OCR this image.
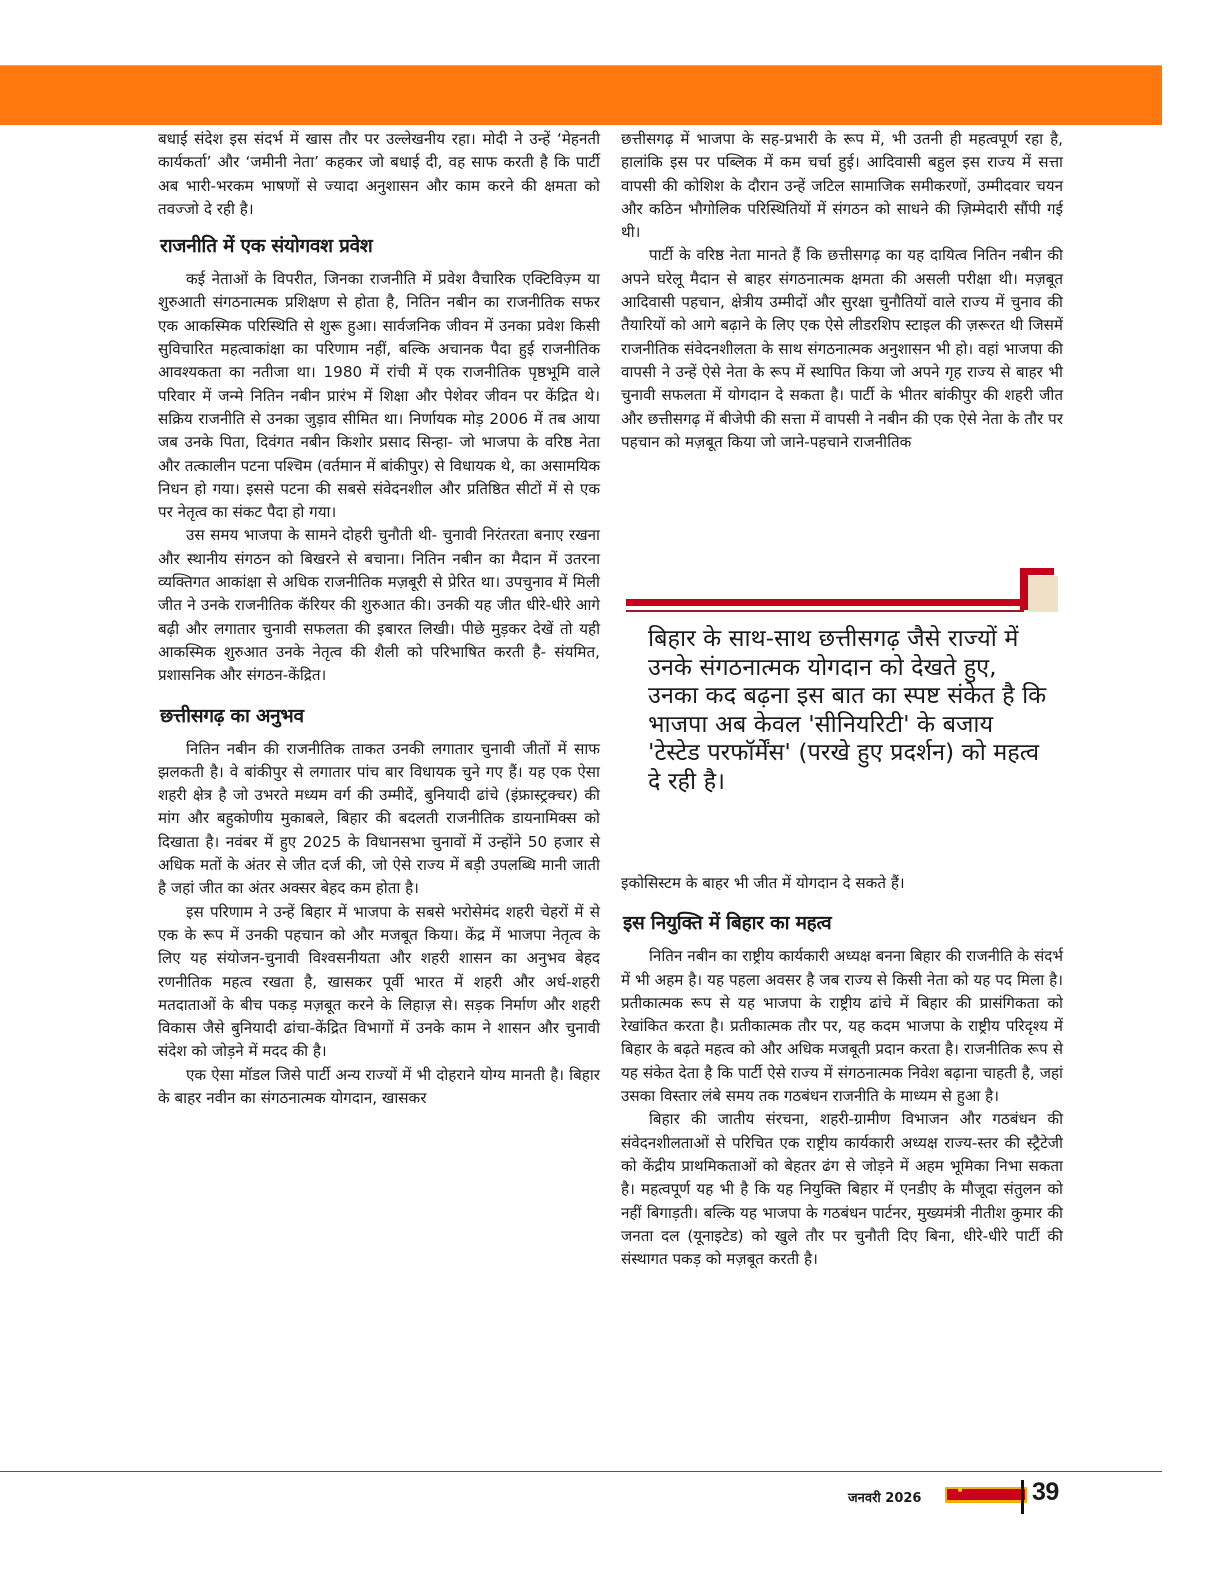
बधाई संदेश इस संदर्भ में खास तौर पर उल्लेखनीय रहा। मोदी ने उन्हें ‘मेहनती कार्यकर्ता’ और ‘जमीनी नेता’ कहकर जो बधाई दी, वह साफ करती है कि पार्टी अब भारी-भरकम भाषणों से ज्यादा अनुशासन और काम करने की क्षमता को तवज्जो दे रही है।

राजनीति में एक संयोगवश प्रवेश

कई नेताओं के विपरीत, जिनका राजनीति में प्रवेश वैचारिक एक्टिविज़्म या शुरुआती संगठनात्मक प्रशिक्षण से होता है, नितिन नबीन का राजनीतिक सफर एक आकस्मिक परिस्थिति से शुरू हुआ। सार्वजनिक जीवन में उनका प्रवेश किसी सुविचारित महत्वाकांक्षा का परिणाम नहीं, बल्कि अचानक पैदा हुई राजनीतिक आवश्यकता का नतीजा था। 1980 में रांची में एक राजनीतिक पृष्ठभूमि वाले परिवार में जन्मे नितिन नबीन प्रारंभ में शिक्षा और पेशेवर जीवन पर केंद्रित थे। सक्रिय राजनीति से उनका जुड़ाव सीमित था। निर्णायक मोड़ 2006 में तब आया जब उनके पिता, दिवंगत नबीन किशोर प्रसाद सिन्हा- जो भाजपा के वरिष्ठ नेता और तत्कालीन पटना पश्चिम (वर्तमान में बांकीपुर) से विधायक थे, का असामयिक निधन हो गया। इससे पटना की सबसे संवेदनशील और प्रतिष्ठित सीटों में से एक पर नेतृत्व का संकट पैदा हो गया।

उस समय भाजपा के सामने दोहरी चुनौती थी- चुनावी निरंतरता बनाए रखना और स्थानीय संगठन को बिखरने से बचाना। नितिन नबीन का मैदान में उतरना व्यक्तिगत आकांक्षा से अधिक राजनीतिक मज़बूरी से प्रेरित था। उपचुनाव में मिली जीत ने उनके राजनीतिक कॅरियर की शुरुआत की। उनकी यह जीत धीरे-धीरे आगे बढ़ी और लगातार चुनावी सफलता की इबारत लिखी। पीछे मुड़कर देखें तो यही आकस्मिक शुरुआत उनके नेतृत्व की शैली को परिभाषित करती है- संयमित, प्रशासनिक और संगठन-केंद्रित।

छत्तीसगढ़ का अनुभव

नितिन नबीन की राजनीतिक ताकत उनकी लगातार चुनावी जीतों में साफ झलकती है। वे बांकीपुर से लगातार पांच बार विधायक चुने गए हैं। यह एक ऐसा शहरी क्षेत्र है जो उभरते मध्यम वर्ग की उम्मीदें, बुनियादी ढांचे (इंफ्रास्ट्रक्चर) की मांग और बहुकोणीय मुकाबले, बिहार की बदलती राजनीतिक डायनामिक्स को दिखाता है। नवंबर में हुए 2025 के विधानसभा चुनावों में उन्होंने 50 हजार से अधिक मतों के अंतर से जीत दर्ज की, जो ऐसे राज्य में बड़ी उपलब्धि मानी जाती है जहां जीत का अंतर अक्सर बेहद कम होता है।

इस परिणाम ने उन्हें बिहार में भाजपा के सबसे भरोसेमंद शहरी चेहरों में से एक के रूप में उनकी पहचान को और मजबूत किया। केंद्र में भाजपा नेतृत्व के लिए यह संयोजन-चुनावी विश्वसनीयता और शहरी शासन का अनुभव बेहद रणनीतिक महत्व रखता है, खासकर पूर्वी भारत में शहरी और अर्ध-शहरी मतदाताओं के बीच पकड़ मज़बूत करने के लिहाज़ से। सड़क निर्माण और शहरी विकास जैसे बुनियादी ढांचा-केंद्रित विभागों में उनके काम ने शासन और चुनावी संदेश को जोड़ने में मदद की है।

एक ऐसा मॉडल जिसे पार्टी अन्य राज्यों में भी दोहराने योग्य मानती है। बिहार के बाहर नवीन का संगठनात्मक योगदान, खासकर

छत्तीसगढ़ में भाजपा के सह-प्रभारी के रूप में, भी उतनी ही महत्वपूर्ण रहा है, हालांकि इस पर पब्लिक में कम चर्चा हुई। आदिवासी बहुल इस राज्य में सत्ता वापसी की कोशिश के दौरान उन्हें जटिल सामाजिक समीकरणों, उम्मीदवार चयन और कठिन भौगोलिक परिस्थितियों में संगठन को साधने की ज़िम्मेदारी सौंपी गई थी।

पार्टी के वरिष्ठ नेता मानते हैं कि छत्तीसगढ़ का यह दायित्व नितिन नबीन की अपने घरेलू मैदान से बाहर संगठनात्मक क्षमता की असली परीक्षा थी। मज़बूत आदिवासी पहचान, क्षेत्रीय उम्मीदों और सुरक्षा चुनौतियों वाले राज्य में चुनाव की तैयारियों को आगे बढ़ाने के लिए एक ऐसे लीडरशिप स्टाइल की ज़रूरत थी जिसमें राजनीतिक संवेदनशीलता के साथ संगठनात्मक अनुशासन भी हो। वहां भाजपा की वापसी ने उन्हें ऐसे नेता के रूप में स्थापित किया जो अपने गृह राज्य से बाहर भी चुनावी सफलता में योगदान दे सकता है। पार्टी के भीतर बांकीपुर की शहरी जीत और छत्तीसगढ़ में बीजेपी की सत्ता में वापसी ने नबीन की एक ऐसे नेता के तौर पर पहचान को मज़बूत किया जो जाने-पहचाने राजनीतिक

बिहार के साथ-साथ छत्तीसगढ़ जैसे राज्यों में उनके संगठनात्मक योगदान को देखते हुए, उनका कद बढ़ना इस बात का स्पष्ट संकेत है कि भाजपा अब केवल 'सीनियरिटी' के बजाय 'टेस्टेड परफॉर्मेंस' (परखे हुए प्रदर्शन) को महत्व दे रही है।

इकोसिस्टम के बाहर भी जीत में योगदान दे सकते हैं।

इस नियुक्ति में बिहार का महत्व

नितिन नबीन का राष्ट्रीय कार्यकारी अध्यक्ष बनना बिहार की राजनीति के संदर्भ में भी अहम है। यह पहला अवसर है जब राज्य से किसी नेता को यह पद मिला है। प्रतीकात्मक रूप से यह भाजपा के राष्ट्रीय ढांचे में बिहार की प्रासंगिकता को रेखांकित करता है। प्रतीकात्मक तौर पर, यह कदम भाजपा के राष्ट्रीय परिदृश्य में बिहार के बढ़ते महत्व को और अधिक मजबूती प्रदान करता है। राजनीतिक रूप से यह संकेत देता है कि पार्टी ऐसे राज्य में संगठनात्मक निवेश बढ़ाना चाहती है, जहां उसका विस्तार लंबे समय तक गठबंधन राजनीति के माध्यम से हुआ है।

बिहार की जातीय संरचना, शहरी-ग्रामीण विभाजन और गठबंधन की संवेदनशीलताओं से परिचित एक राष्ट्रीय कार्यकारी अध्यक्ष राज्य-स्तर की स्ट्रैटेजी को केंद्रीय प्राथमिकताओं को बेहतर ढंग से जोड़ने में अहम भूमिका निभा सकता है। महत्वपूर्ण यह भी है कि यह नियुक्ति बिहार में एनडीए के मौजूदा संतुलन को नहीं बिगाड़ती। बल्कि यह भाजपा के गठबंधन पार्टनर, मुख्यमंत्री नीतीश कुमार की जनता दल (यूनाइटेड) को खुले तौर पर चुनौती दिए बिना, धीरे-धीरे पार्टी की संस्थागत पकड़ को मज़बूत करती है।

जनवरी 2026	39
